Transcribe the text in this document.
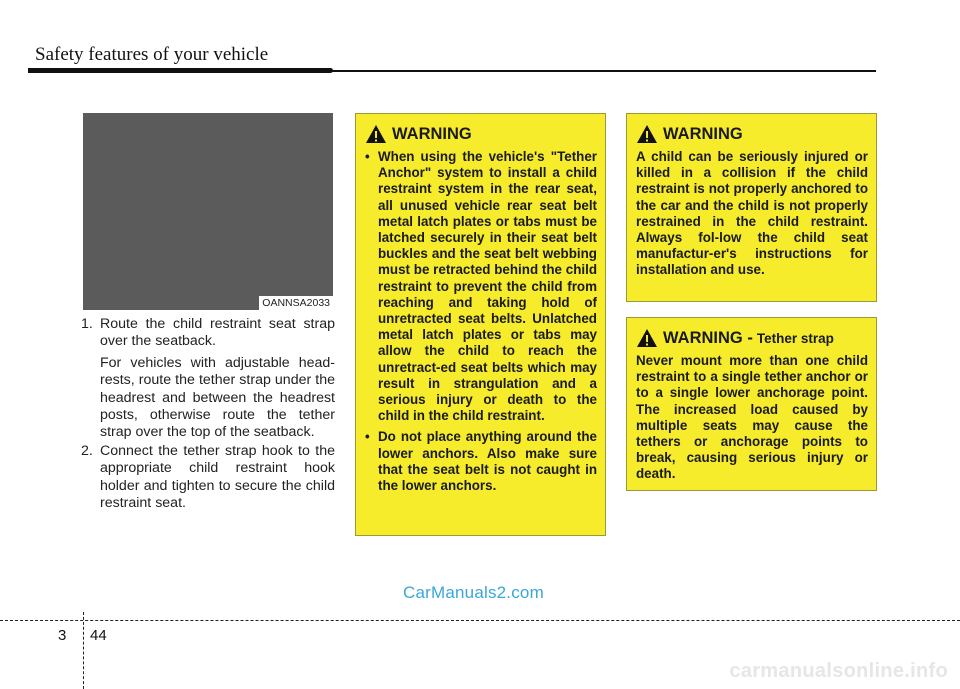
Safety features of your vehicle
OANNSA2033
1. Route the child restraint seat strap over the seatback.

For vehicles with adjustable head-rests, route the tether strap under the headrest and between the headrest posts, otherwise route the tether strap over the top of the seatback.

2. Connect the tether strap hook to the appropriate child restraint hook holder and tighten to secure the child restraint seat.

WARNING
• When using the vehicle's "Tether Anchor" system to install a child restraint system in the rear seat, all unused vehicle rear seat belt metal latch plates or tabs must be latched securely in their seat belt buckles and the seat belt webbing must be retracted behind the child restraint to prevent the child from reaching and taking hold of unretracted seat belts. Unlatched metal latch plates or tabs may allow the child to reach the unretract-ed seat belts which may result in strangulation and a serious injury or death to the child in the child restraint.
• Do not place anything around the lower anchors. Also make sure that the seat belt is not caught in the lower anchors.
WARNING

A child can be seriously injured or killed in a collision if the child restraint is not properly anchored to the car and the child is not properly restrained in the child restraint. Always fol-low the child seat manufactur-er's instructions for installation and use.

WARNING - Tether strap

Never mount more than one child restraint to a single tether anchor or to a single lower anchorage point. The increased load caused by multiple seats may cause the tethers or anchorage points to break, causing serious injury or death.

CarManuals2.com
3 44
carmanualsonline.info
